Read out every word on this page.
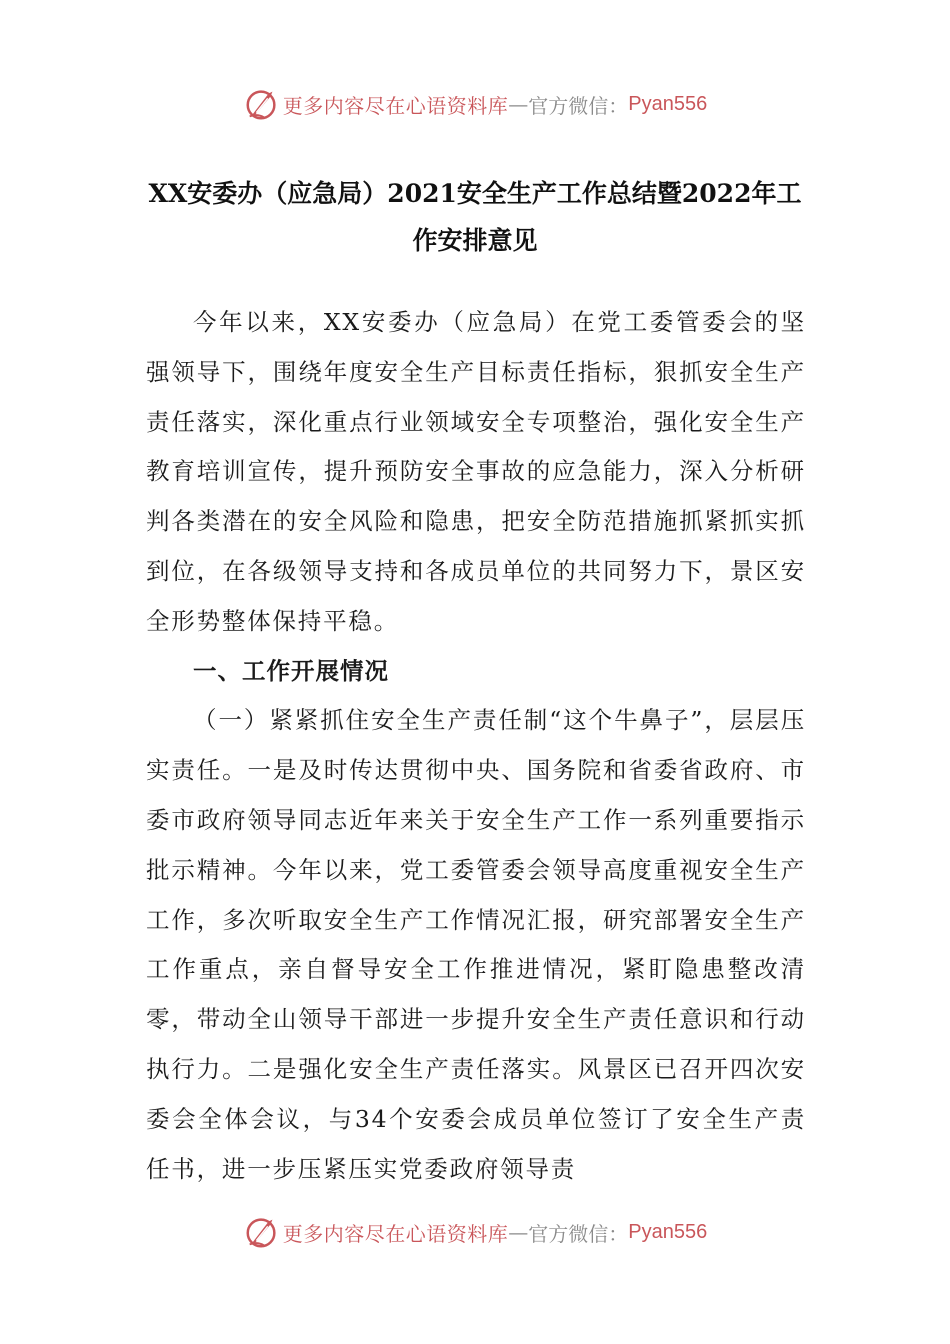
更多内容尽在心语资料库 — 官方微信： Pyan556
XX安委办（应急局）2021安全生产工作总结暨2022年工
作安排意见

今年以来，XX安委办（应急局）在党工委管委会的坚强领导下，围绕年度安全生产目标责任指标，狠抓安全生产责任落实，深化重点行业领域安全专项整治，强化安全生产教育培训宣传，提升预防安全事故的应急能力，深入分析研判各类潜在的安全风险和隐患，把安全防范措施抓紧抓实抓到位，在各级领导支持和各成员单位的共同努力下，景区安全形势整体保持平稳。

一、工作开展情况

（一）紧紧抓住安全生产责任制“这个牛鼻子”，层层压实责任。一是及时传达贯彻中央、国务院和省委省政府、市委市政府领导同志近年来关于安全生产工作一系列重要指示批示精神。今年以来，党工委管委会领导高度重视安全生产工作，多次听取安全生产工作情况汇报，研究部署安全生产工作重点，亲自督导安全工作推进情况，紧盯隐患整改清零，带动全山领导干部进一步提升安全生产责任意识和行动执行力。二是强化安全生产责任落实。风景区已召开四次安委会全体会议，与34个安委会成员单位签订了安全生产责任书，进一步压紧压实党委政府领导责

更多内容尽在心语资料库 — 官方微信： Pyan556
